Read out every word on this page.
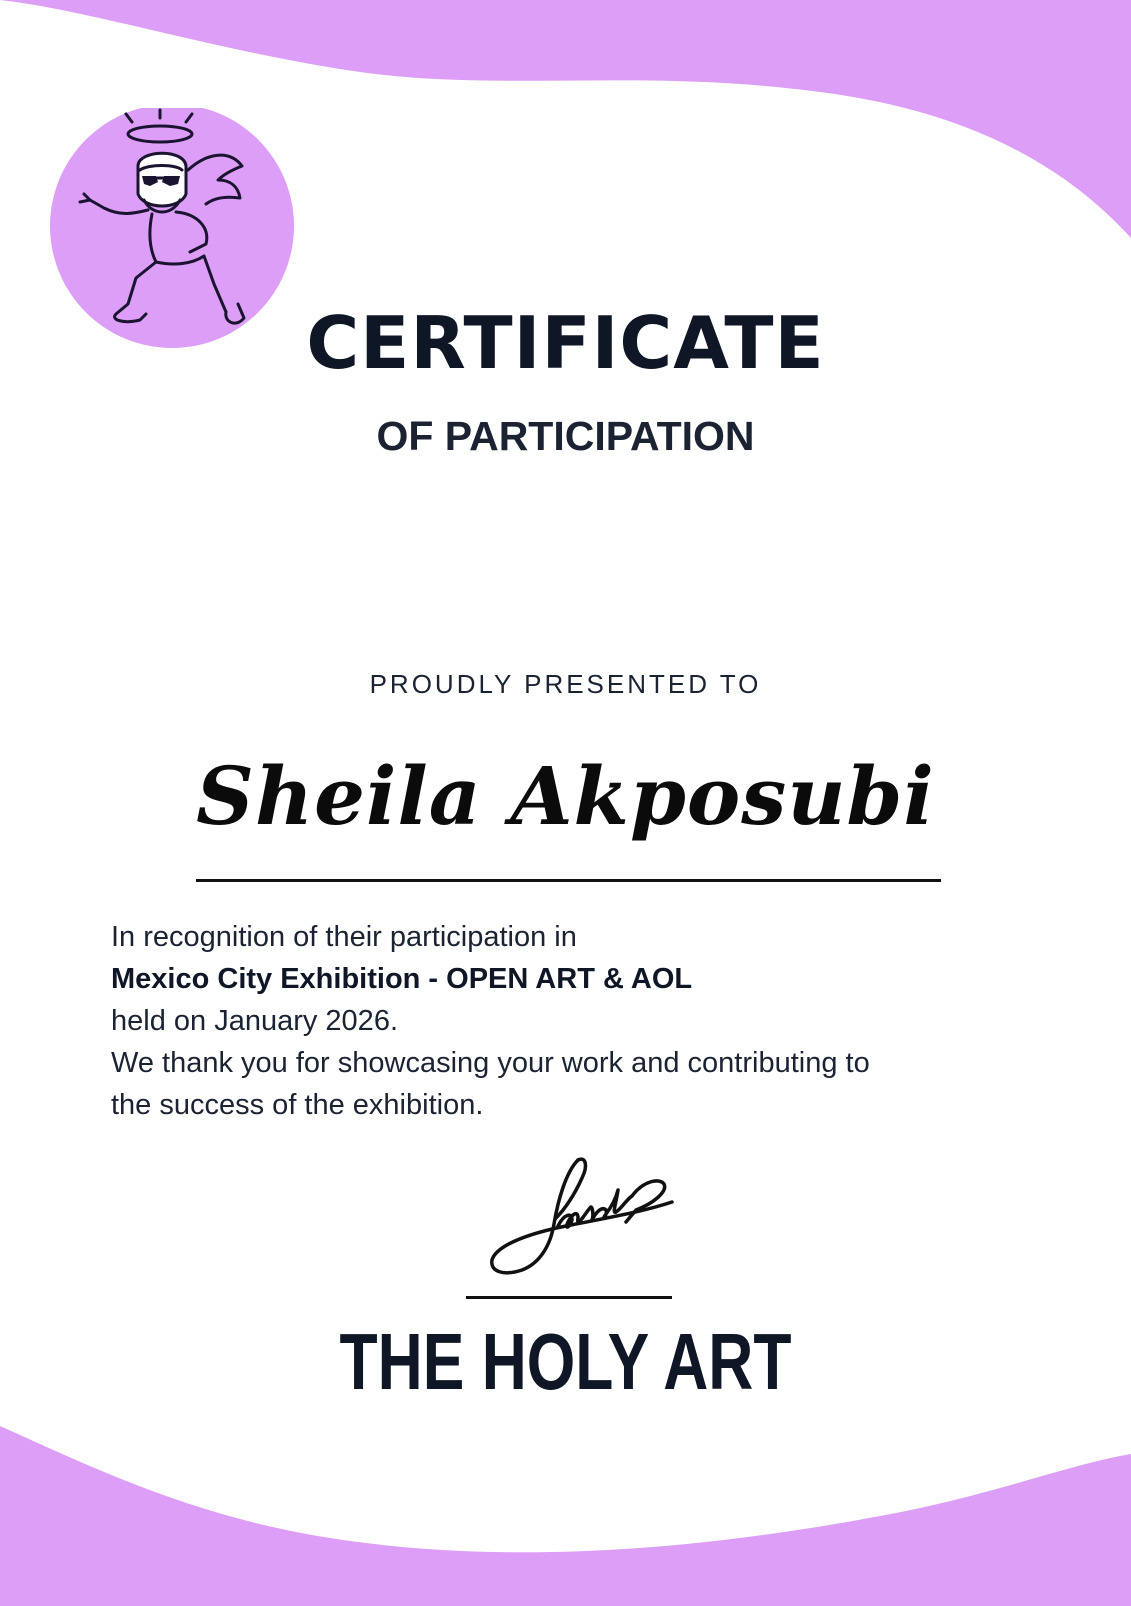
CERTIFICATE
OF PARTICIPATION

PROUDLY PRESENTED TO

Sheila Akposubi

In recognition of their participation in
Mexico City Exhibition - OPEN ART & AOL
held on January 2026.
We thank you for showcasing your work and contributing to
the success of the exhibition.

THE HOLY ART
